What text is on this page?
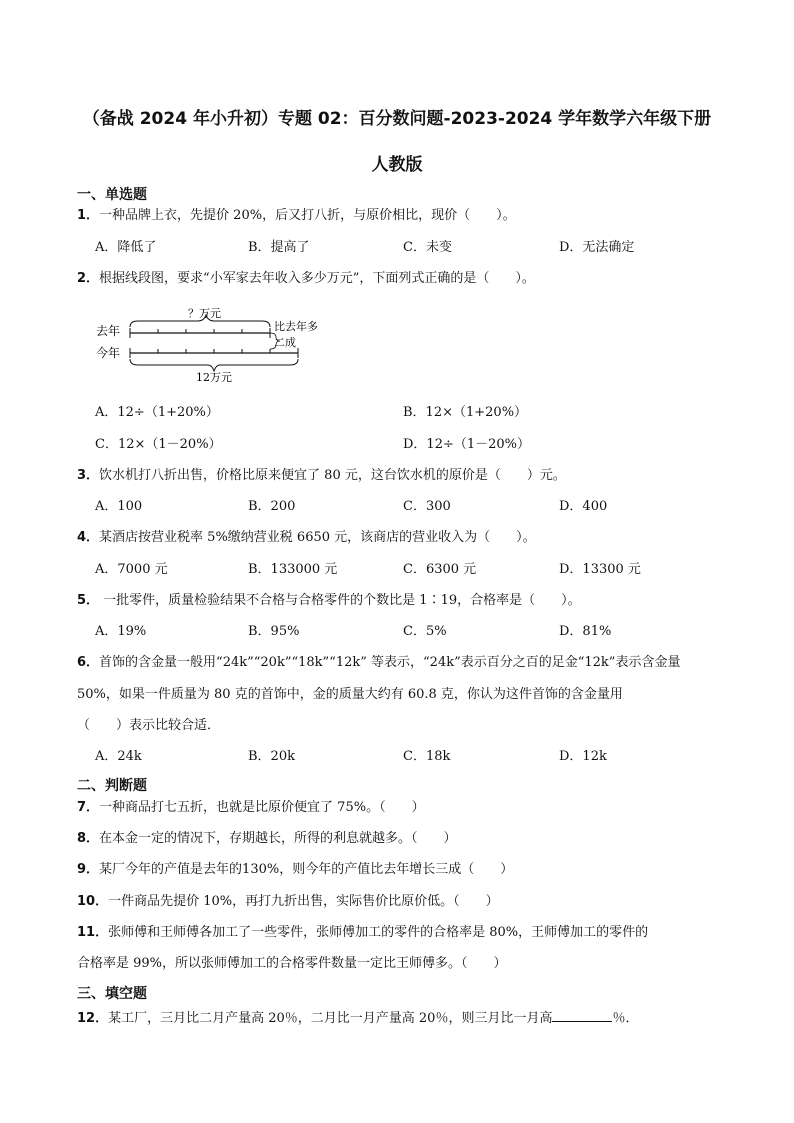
（备战 2024 年小升初）专题 02：百分数问题-2023-2024 学年数学六年级下册
人教版
一、单选题
1．一种品牌上衣，先提价 20%，后又打八折，与原价相比，现价（　　）。
A．降低了	B．提高了	C．未变	D．无法确定
2．根据线段图，要求“小军家去年收入多少万元”，下面列式正确的是（　　）。
去年
？万元
比去年多
二成
今年
12万元
A．12÷（1+20%）	B．12×（1+20%）
C．12×（1－20%）	D．12÷（1－20%）
3．饮水机打八折出售，价格比原来便宜了 80 元，这台饮水机的原价是（　　）元。
A．100	B．200	C．300	D．400
4．某酒店按营业税率 5%缴纳营业税 6650 元，该商店的营业收入为（　　）。
A．7000 元	B．133000 元	C．6300 元	D．13300 元
5． 一批零件，质量检验结果不合格与合格零件的个数比是 1∶19，合格率是（　　）。
A．19%	B．95%	C．5%	D．81%
6．首饰的含金量一般用“24k”“20k”“18k”“12k” 等表示，“24k”表示百分之百的足金“12k”表示含金量
50%，如果一件质量为 80 克的首饰中，金的质量大约有 60.8 克，你认为这件首饰的含金量用
（　　）表示比较合适．
A．24k	B．20k	C．18k	D．12k
二、判断题
7．一种商品打七五折，也就是比原价便宜了 75%。（　　）
8．在本金一定的情况下，存期越长，所得的利息就越多。（　　）
9．某厂今年的产值是去年的130%，则今年的产值比去年增长三成（　　）
10．一件商品先提价 10%，再打九折出售，实际售价比原价低。（　　）
11．张师傅和王师傅各加工了一些零件，张师傅加工的零件的合格率是 80%，王师傅加工的零件的
合格率是 99%，所以张师傅加工的合格零件数量一定比王师傅多。（　　）
三、填空题
12．某工厂，三月比二月产量高 20％，二月比一月产量高 20％，则三月比一月高	％．
